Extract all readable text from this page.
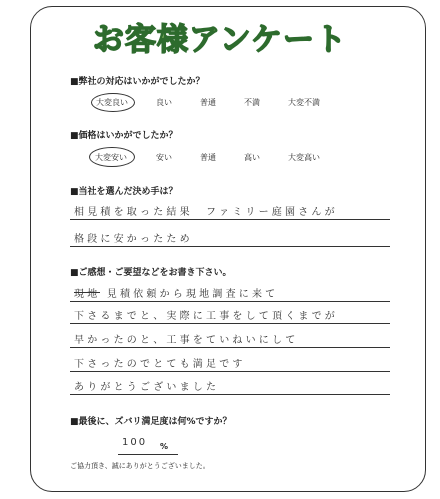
お客様アンケート
■弊社の対応はいかがでしたか？
大変良い	良い	普通	不満	大変不満
■価格はいかがでしたか？
大変安い	安い	普通	高い	大変高い
■当社を選んだ決め手は？
相見積を取った結果　ファミリー庭園さんが
格段に安かったため
■ご感想・ご要望などをお書き下さい。
現地 見積依頼から現地調査に来て
下さるまでと、実際に工事をして頂くまでが
早かったのと、工事をていねいにして
下さったのでとても満足です
ありがとうございました
■最後に、ズバリ満足度は何%ですか？
100 %
ご協力頂き、誠にありがとうございました。
